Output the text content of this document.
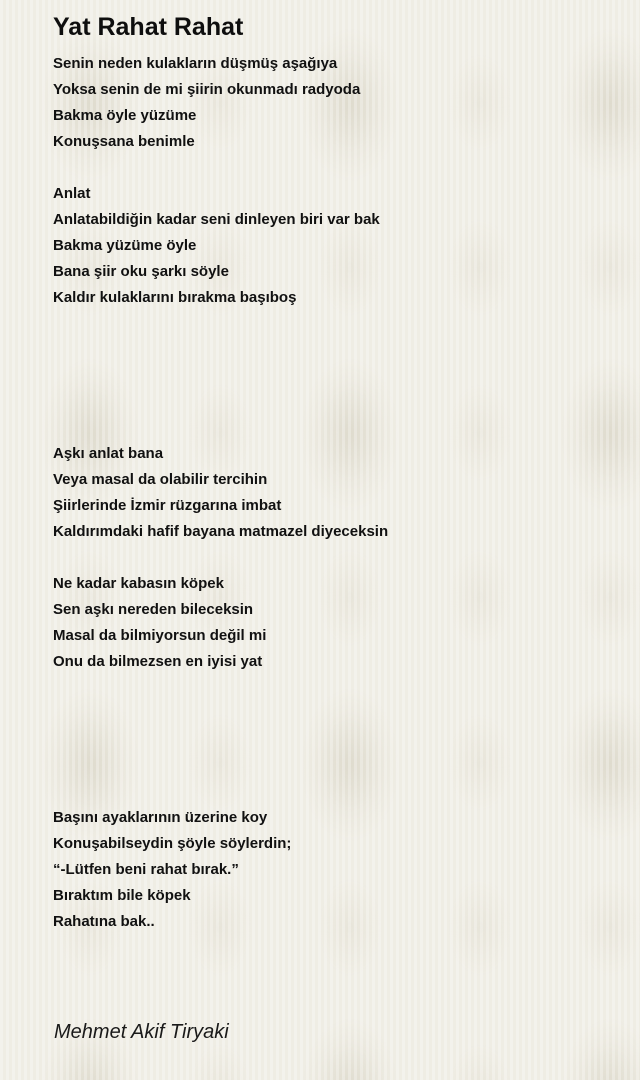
Yat Rahat Rahat
Senin neden kulakların düşmüş aşağıya
Yoksa senin de mi şiirin okunmadı radyoda
Bakma öyle yüzüme
Konuşsana benimle
Anlat
Anlatabildiğin kadar seni dinleyen biri var bak
Bakma yüzüme öyle
Bana şiir oku şarkı söyle
Kaldır kulaklarını bırakma başıboş
Aşkı anlat bana
Veya masal da olabilir tercihin
Şiirlerinde İzmir rüzgarına imbat
Kaldırımdaki hafif bayana matmazel diyeceksin
Ne kadar kabasın köpek
Sen aşkı nereden bileceksin
Masal da bilmiyorsun değil mi
Onu da bilmezsen en iyisi yat
Başını ayaklarının üzerine koy
Konuşabilseydin şöyle söylerdin;
“-Lütfen beni rahat bırak.”
Bıraktım bile köpek
Rahatına bak..

Mehmet Akif Tiryaki
